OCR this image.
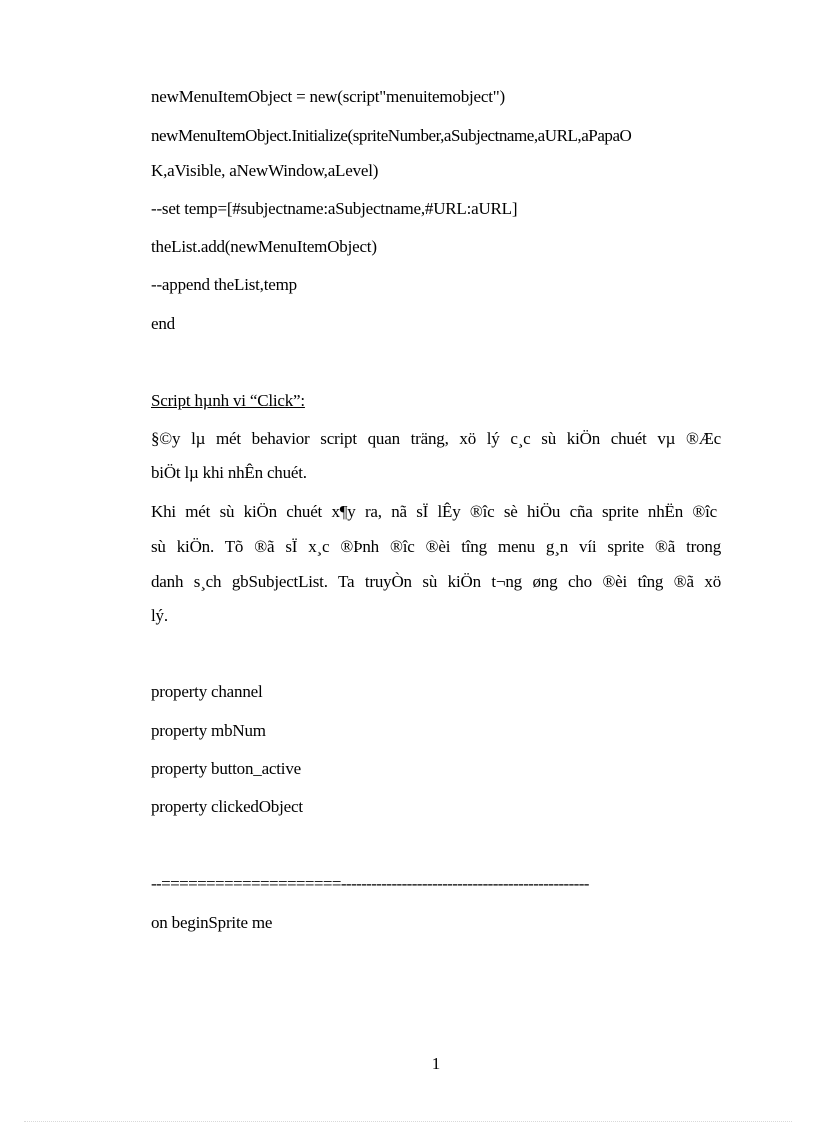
newMenuItemObject = new(script"menuitemobject")
newMenuItemObject.Initialize(spriteNumber,aSubjectname,aURL,aPapaO
K,aVisible, aNewWindow,aLevel)
--set temp=[#subjectname:aSubjectname,#URL:aURL]
theList.add(newMenuItemObject)
--append theList,temp
end
Script hµnh vi “Click”:
§©y lµ mét behavior script quan träng, xö lý c¸c sù kiÖn chuét vµ ®Æc
biÖt lµ khi nhÊn chuét.
Khi mét sù kiÖn chuét x¶y ra, nã sÏ lÊy ®îc sè hiÖu cña sprite nhËn ®îc
sù kiÖn. Tõ ®ã sÏ x¸c ®Þnh ®îc ®èi tîng menu g¸n víi sprite ®ã trong
danh s¸ch gbSubjectList. Ta truyÒn sù kiÖn t¬ng øng cho ®èi tîng ®ã xö
lý.
property channel
property mbNum
property button_active
property clickedObject
--====================-------------------------------------------------
on beginSprite me
1
